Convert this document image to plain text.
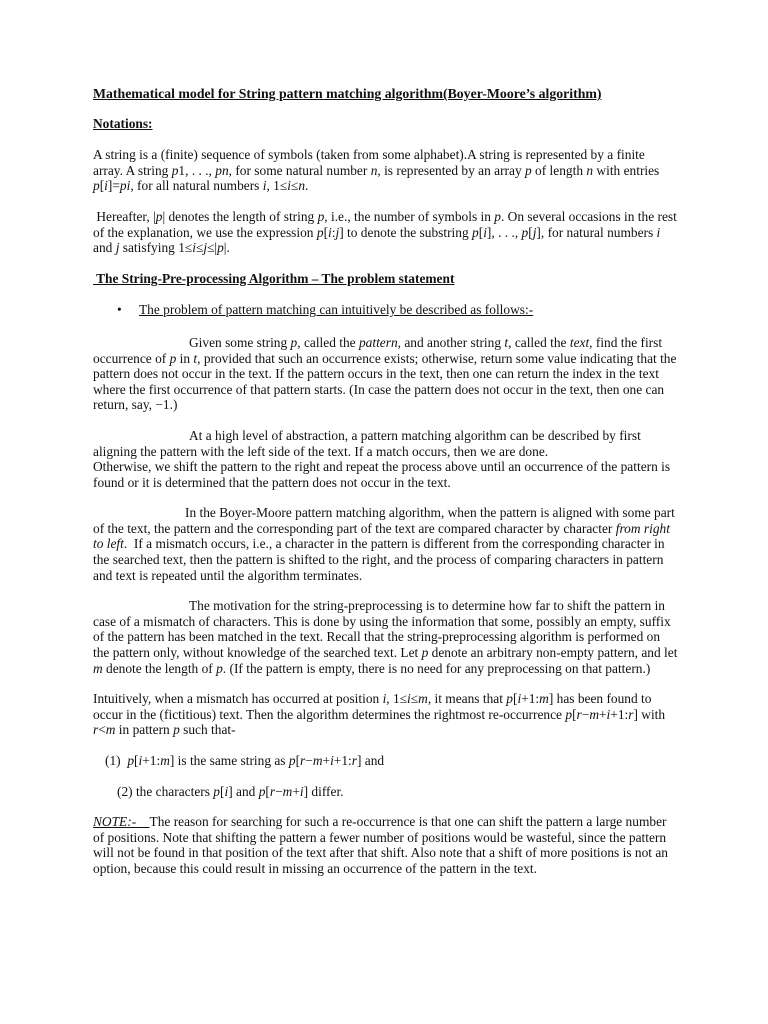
Mathematical model for String pattern matching algorithm(Boyer-Moore’s algorithm)
Notations:

A string is a (finite) sequence of symbols (taken from some alphabet).A string is represented by a finite array. A string p1, . . ., pn, for some natural number n, is represented by an array p of length n with entries p[i]=pi, for all natural numbers i, 1≤i≤n.

Hereafter, |p| denotes the length of string p, i.e., the number of symbols in p. On several occasions in the rest of the explanation, we use the expression p[i:j] to denote the substring p[i], . . ., p[j], for natural numbers i and j satisfying 1≤i≤j≤|p|.

The String-Pre-processing Algorithm – The problem statement
• The problem of pattern matching can intuitively be described as follows:-

Given some string p, called the pattern, and another string t, called the text, find the first occurrence of p in t, provided that such an occurrence exists; otherwise, return some value indicating that the pattern does not occur in the text. If the pattern occurs in the text, then one can return the index in the text where the first occurrence of that pattern starts. (In case the pattern does not occur in the text, then one can return, say, −1.)

At a high level of abstraction, a pattern matching algorithm can be described by first aligning the pattern with the left side of the text. If a match occurs, then we are done.
Otherwise, we shift the pattern to the right and repeat the process above until an occurrence of the pattern is found or it is determined that the pattern does not occur in the text.

In the Boyer-Moore pattern matching algorithm, when the pattern is aligned with some part of the text, the pattern and the corresponding part of the text are compared character by character from right to left.  If a mismatch occurs, i.e., a character in the pattern is different from the corresponding character in the searched text, then the pattern is shifted to the right, and the process of comparing characters in pattern and text is repeated until the algorithm terminates.

The motivation for the string-preprocessing is to determine how far to shift the pattern in case of a mismatch of characters. This is done by using the information that some, possibly an empty, suffix of the pattern has been matched in the text. Recall that the string-preprocessing algorithm is performed on the pattern only, without knowledge of the searched text. Let p denote an arbitrary non-empty pattern, and let m denote the length of p. (If the pattern is empty, there is no need for any preprocessing on that pattern.)

Intuitively, when a mismatch has occurred at position i, 1≤i≤m, it means that p[i+1:m] has been found to occur in the (fictitious) text. Then the algorithm determines the rightmost re-occurrence p[r−m+i+1:r] with r<m in pattern p such that-

(1)  p[i+1:m] is the same string as p[r−m+i+1:r] and
(2) the characters p[i] and p[r−m+i] differ.

NOTE:-    The reason for searching for such a re-occurrence is that one can shift the pattern a large number of positions. Note that shifting the pattern a fewer number of positions would be wasteful, since the pattern will not be found in that position of the text after that shift. Also note that a shift of more positions is not an option, because this could result in missing an occurrence of the pattern in the text.
